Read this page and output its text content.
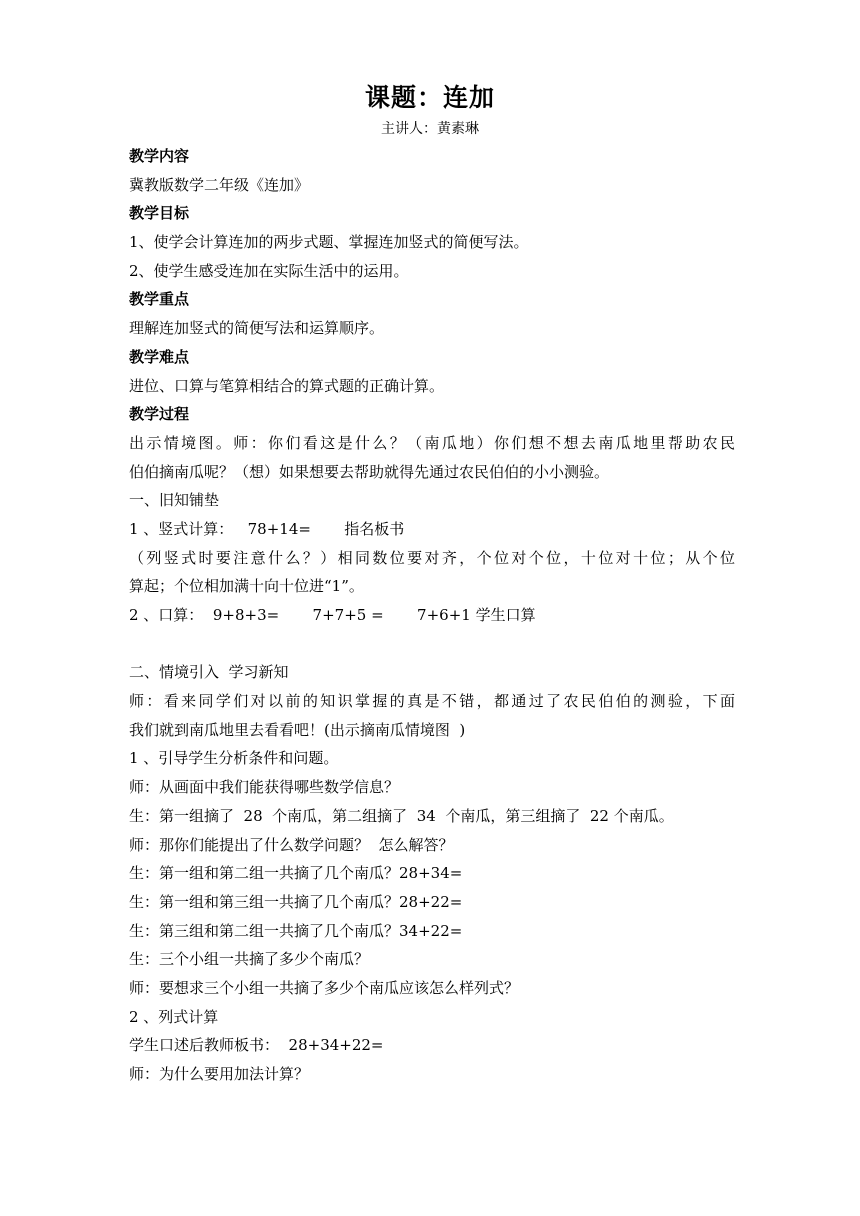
课题：连加
主讲人：黄素琳
教学内容
冀教版数学二年级《连加》
教学目标
1、使学会计算连加的两步式题、掌握连加竖式的简便写法。
2、使学生感受连加在实际生活中的运用。
教学重点
理解连加竖式的简便写法和运算顺序。
教学难点
进位、口算与笔算相结合的算式题的正确计算。
教学过程
出示情境图。师：你们看这是什么？（南瓜地）你们想不想去南瓜地里帮助农民
伯伯摘南瓜呢？（想）如果想要去帮助就得先通过农民伯伯的小小测验。
一、旧知铺垫
1 、竖式计算：   78+14=       指名板书
（列竖式时要注意什么？）相同数位要对齐，个位对个位，十位对十位；从个位
算起；个位相加满十向十位进“1”。
2 、口算：  9+8+3=       7+7+5 =       7+6+1 学生口算
二、情境引入  学习新知
师：看来同学们对以前的知识掌握的真是不错，都通过了农民伯伯的测验，下面
我们就到南瓜地里去看看吧！(出示摘南瓜情境图  )
1 、引导学生分析条件和问题。
师：从画面中我们能获得哪些数学信息？
生：第一组摘了  28  个南瓜，第二组摘了  34  个南瓜，第三组摘了  22 个南瓜。
师：那你们能提出了什么数学问题？  怎么解答？
生：第一组和第二组一共摘了几个南瓜？28+34=
生：第一组和第三组一共摘了几个南瓜？28+22=
生：第三组和第二组一共摘了几个南瓜？34+22=
生：三个小组一共摘了多少个南瓜？
师：要想求三个小组一共摘了多少个南瓜应该怎么样列式？
2 、列式计算
学生口述后教师板书：  28+34+22=
师：为什么要用加法计算？
